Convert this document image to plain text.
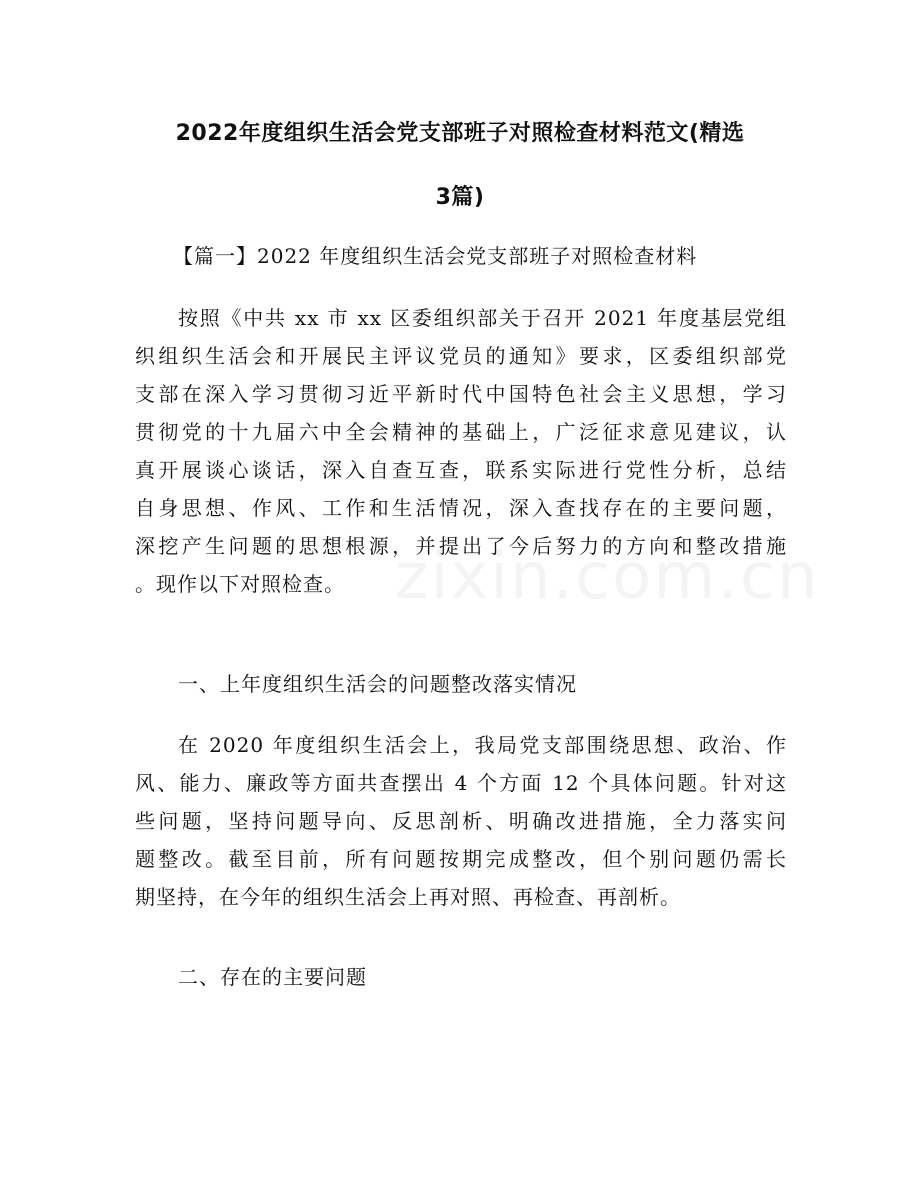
2022年度组织生活会党支部班子对照检查材料范文(精选
3篇)
【篇一】2022 年度组织生活会党支部班子对照检查材料
按照《中共 xx 市 xx 区委组织部关于召开 2021 年度基层党组
织组织生活会和开展民主评议党员的通知》要求，区委组织部党
支部在深入学习贯彻习近平新时代中国特色社会主义思想，学习
贯彻党的十九届六中全会精神的基础上，广泛征求意见建议，认
真开展谈心谈话，深入自查互查，联系实际进行党性分析，总结
自身思想、作风、工作和生活情况，深入查找存在的主要问题，
深挖产生问题的思想根源，并提出了今后努力的方向和整改措施
。现作以下对照检查。
一、上年度组织生活会的问题整改落实情况
在 2020 年度组织生活会上，我局党支部围绕思想、政治、作
风、能力、廉政等方面共查摆出 4 个方面 12 个具体问题。针对这
些问题，坚持问题导向、反思剖析、明确改进措施，全力落实问
题整改。截至目前，所有问题按期完成整改，但个别问题仍需长
期坚持，在今年的组织生活会上再对照、再检查、再剖析。
二、存在的主要问题
